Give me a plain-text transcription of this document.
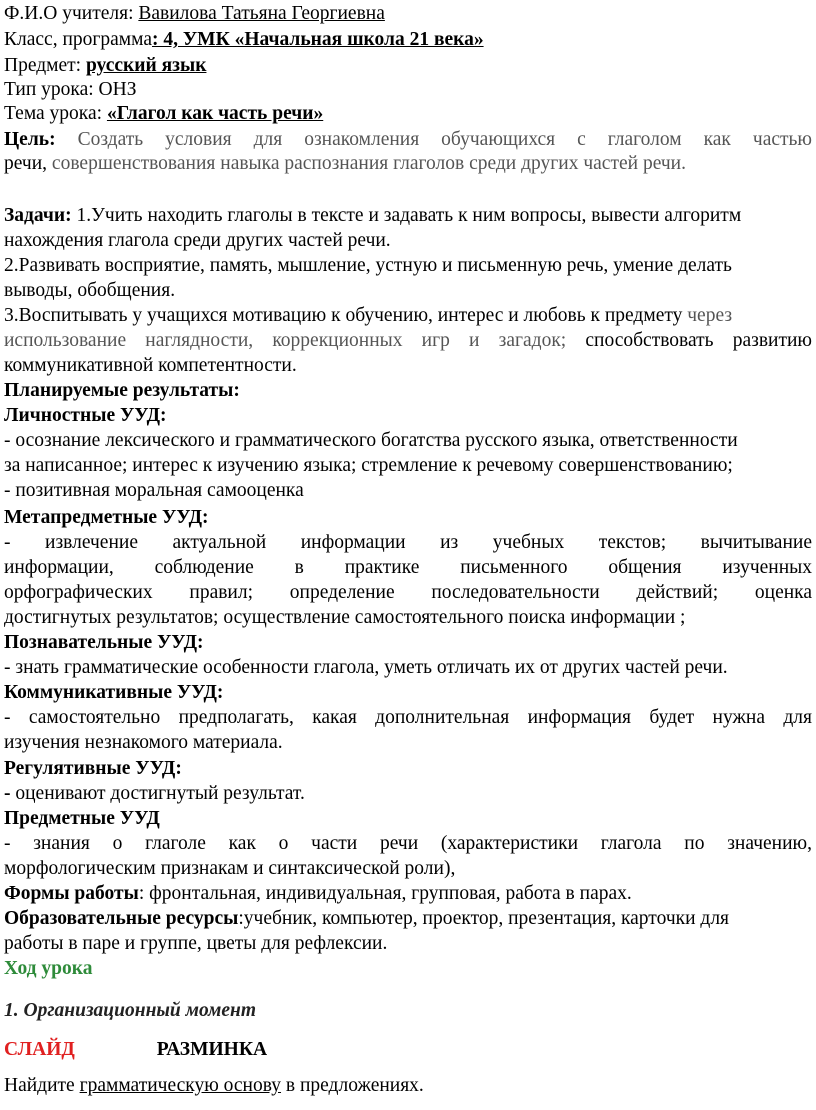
Ф.И.О учителя: Вавилова Татьяна Георгиевна
Класс, программа: 4, УМК «Начальная школа 21 века»
Предмет: русский язык
Тип урока: ОНЗ
Тема урока: «Глагол как часть речи»
Цель: Создать условия для ознакомления обучающихся с глаголом как частью
речи, совершенствования навыка распознания глаголов среди других частей речи.
Задачи: 1.Учить находить глаголы в тексте и задавать к ним вопросы, вывести алгоритм
нахождения глагола среди других частей речи.
2.Развивать восприятие, память, мышление, устную и письменную речь, умение делать
выводы, обобщения.
3.Воспитывать у учащихся мотивацию к обучению, интерес и любовь к предмету через
использование наглядности, коррекционных игр и загадок; способствовать развитию
коммуникативной компетентности.
Планируемые результаты:
Личностные УУД:
- осознание лексического и грамматического богатства русского языка, ответственности
за написанное; интерес к изучению языка; стремление к речевому совершенствованию;
- позитивная моральная самооценка
Метапредметные УУД:
- извлечение актуальной информации из учебных текстов; вычитывание
информации, соблюдение в практике письменного общения изученных
орфографических правил; определение последовательности действий; оценка
достигнутых результатов; осуществление самостоятельного поиска информации ;
Познавательные УУД:
- знать грамматические особенности глагола, уметь отличать их от других частей речи.
Коммуникативные УУД:
- самостоятельно предполагать, какая дополнительная информация будет нужна для
изучения незнакомого материала.
Регулятивные УУД:
- оценивают достигнутый результат.
Предметные УУД
- знания о глаголе как о части речи (характеристики глагола по значению,
морфологическим признакам и синтаксической роли),
Формы работы: фронтальная, индивидуальная, групповая, работа в парах.
Образовательные ресурсы:учебник, компьютер, проектор, презентация, карточки для
работы в паре и группе, цветы для рефлексии.
Ход урока
1. Организационный момент
СЛАЙД	РАЗМИНКА
Найдите грамматическую основу в предложениях.
